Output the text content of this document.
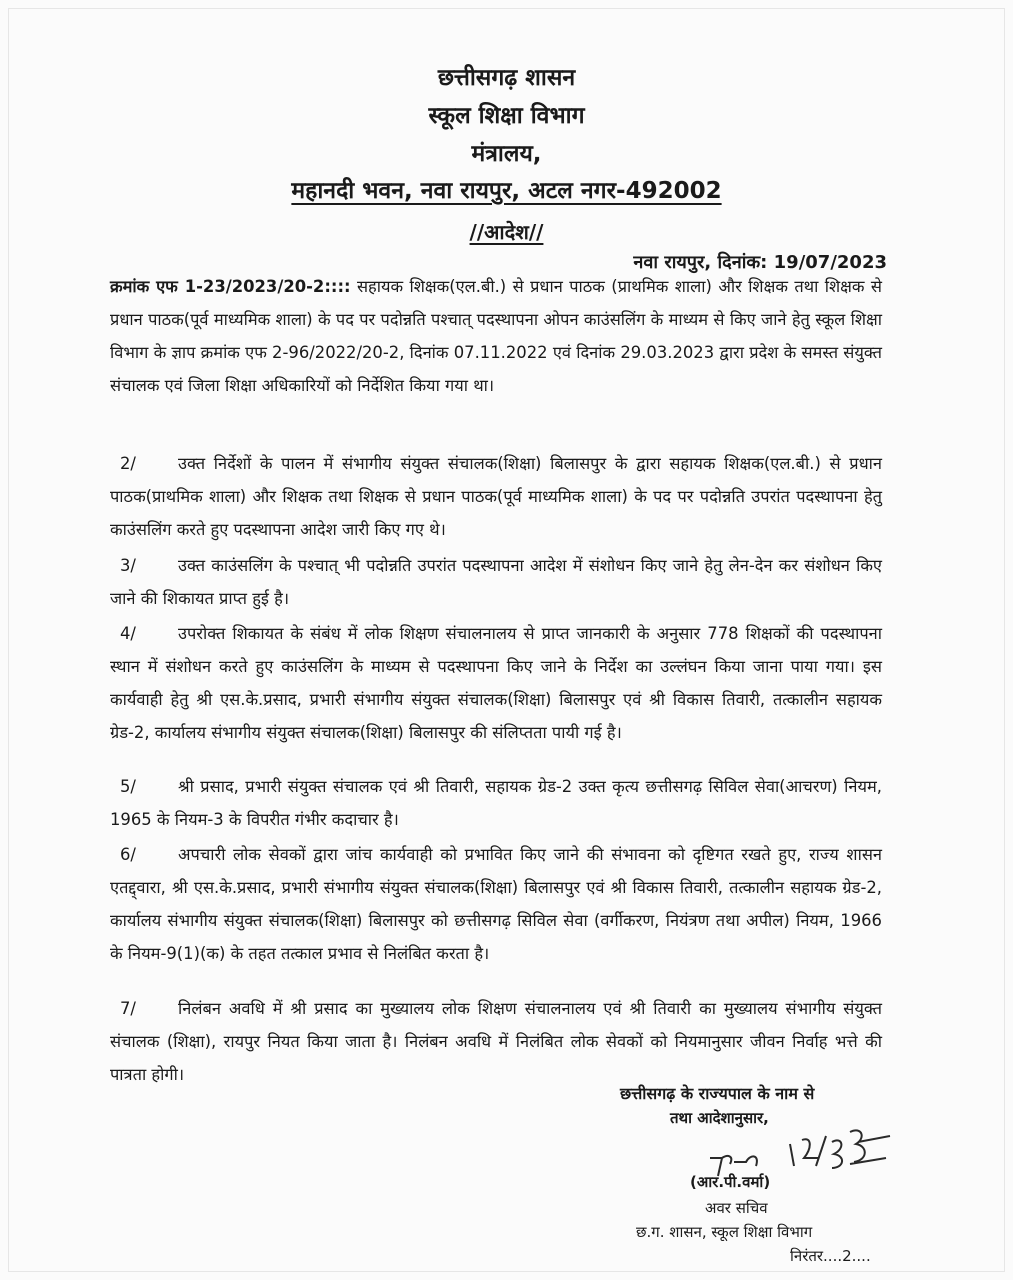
छत्तीसगढ़ शासन
स्कूल शिक्षा विभाग
मंत्रालय,
महानदी भवन, नवा रायपुर, अटल नगर-492002
//आदेश//
नवा रायपुर, दिनांक: 19/07/2023

क्रमांक एफ 1-23/2023/20-2:::: सहायक शिक्षक(एल.बी.) से प्रधान पाठक (प्राथमिक शाला) और शिक्षक तथा शिक्षक से प्रधान पाठक(पूर्व माध्यमिक शाला) के पद पर पदोन्नति पश्चात् पदस्थापना ओपन काउंसलिंग के माध्यम से किए जाने हेतु स्कूल शिक्षा विभाग के ज्ञाप क्रमांक एफ 2-96/2022/20-2, दिनांक 07.11.2022 एवं दिनांक 29.03.2023 द्वारा प्रदेश के समस्त संयुक्त संचालक एवं जिला शिक्षा अधिकारियों को निर्देशित किया गया था।

2/	उक्त निर्देशों के पालन में संभागीय संयुक्त संचालक(शिक्षा) बिलासपुर के द्वारा सहायक शिक्षक(एल.बी.) से प्रधान पाठक(प्राथमिक शाला) और शिक्षक तथा शिक्षक से प्रधान पाठक(पूर्व माध्यमिक शाला) के पद पर पदोन्नति उपरांत पदस्थापना हेतु काउंसलिंग करते हुए पदस्थापना आदेश जारी किए गए थे।

3/	उक्त काउंसलिंग के पश्चात् भी पदोन्नति उपरांत पदस्थापना आदेश में संशोधन किए जाने हेतु लेन-देन कर संशोधन किए जाने की शिकायत प्राप्त हुई है।

4/	उपरोक्त शिकायत के संबंध में लोक शिक्षण संचालनालय से प्राप्त जानकारी के अनुसार 778 शिक्षकों की पदस्थापना स्थान में संशोधन करते हुए काउंसलिंग के माध्यम से पदस्थापना किए जाने के निर्देश का उल्लंघन किया जाना पाया गया। इस कार्यवाही हेतु श्री एस.के.प्रसाद, प्रभारी संभागीय संयुक्त संचालक(शिक्षा) बिलासपुर एवं श्री विकास तिवारी, तत्कालीन सहायक ग्रेड-2, कार्यालय संभागीय संयुक्त संचालक(शिक्षा) बिलासपुर की संलिप्तता पायी गई है।

5/	श्री प्रसाद, प्रभारी संयुक्त संचालक एवं श्री तिवारी, सहायक ग्रेड-2 उक्त कृत्य छत्तीसगढ़ सिविल सेवा(आचरण) नियम, 1965 के नियम-3 के विपरीत गंभीर कदाचार है।

6/	अपचारी लोक सेवकों द्वारा जांच कार्यवाही को प्रभावित किए जाने की संभावना को दृष्टिगत रखते हुए, राज्य शासन एतद्द्वारा, श्री एस.के.प्रसाद, प्रभारी संभागीय संयुक्त संचालक(शिक्षा) बिलासपुर एवं श्री विकास तिवारी, तत्कालीन सहायक ग्रेड-2, कार्यालय संभागीय संयुक्त संचालक(शिक्षा) बिलासपुर को छत्तीसगढ़ सिविल सेवा (वर्गीकरण, नियंत्रण तथा अपील) नियम, 1966 के नियम-9(1)(क) के तहत तत्काल प्रभाव से निलंबित करता है।

7/	निलंबन अवधि में श्री प्रसाद का मुख्यालय लोक शिक्षण संचालनालय एवं श्री तिवारी का मुख्यालय संभागीय संयुक्त संचालक (शिक्षा), रायपुर नियत किया जाता है। निलंबन अवधि में निलंबित लोक सेवकों को नियमानुसार जीवन निर्वाह भत्ते की पात्रता होगी।

छत्तीसगढ़ के राज्यपाल के नाम से
तथा आदेशानुसार,
(आर.पी.वर्मा)
अवर सचिव
छ.ग. शासन, स्कूल शिक्षा विभाग
निरंतर....2....
